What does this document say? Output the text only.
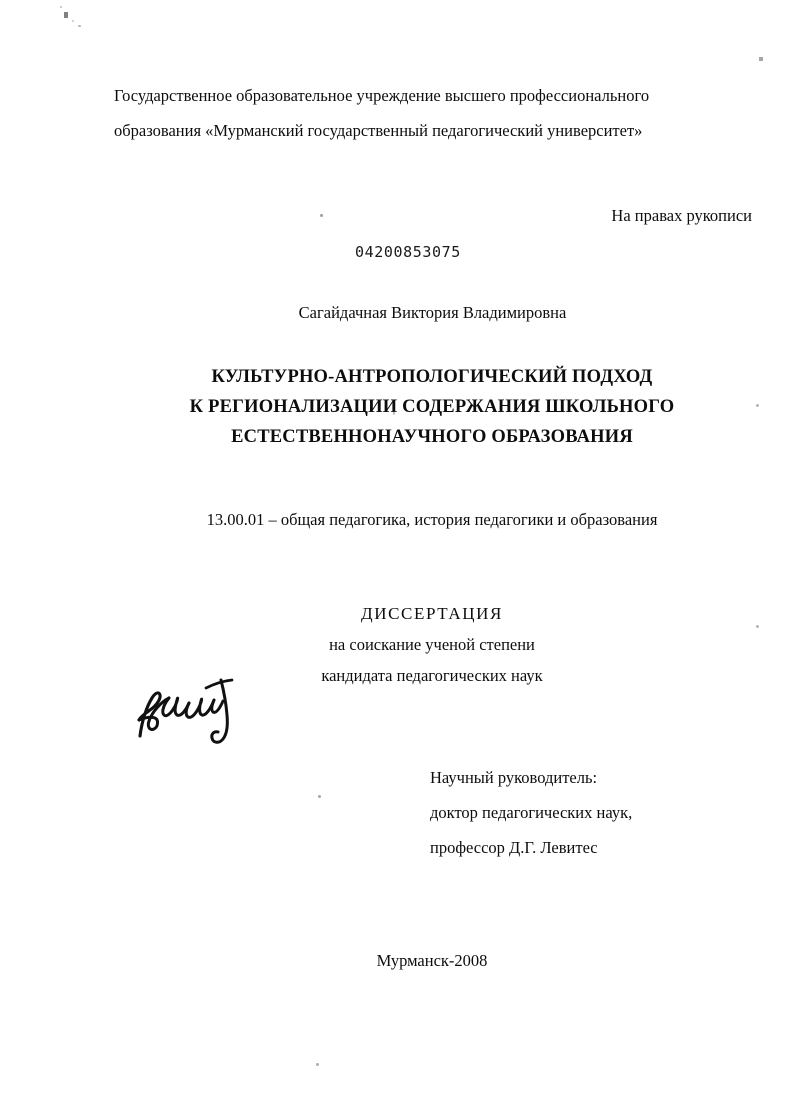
Государственное образовательное учреждение высшего профессионального
образования «Мурманский государственный педагогический университет»
На правах рукописи
04200853075
Сагайдачная Виктория Владимировна
КУЛЬТУРНО-АНТРОПОЛОГИЧЕСКИЙ ПОДХОД
К РЕГИОНАЛИЗАЦИИ СОДЕРЖАНИЯ ШКОЛЬНОГО
ЕСТЕСТВЕННОНАУЧНОГО ОБРАЗОВАНИЯ
13.00.01 – общая педагогика, история педагогики и образования
ДИССЕРТАЦИЯ
на соискание ученой степени
кандидата педагогических наук
Научный руководитель:
доктор педагогических наук,
профессор Д.Г. Левитес
Мурманск-2008
